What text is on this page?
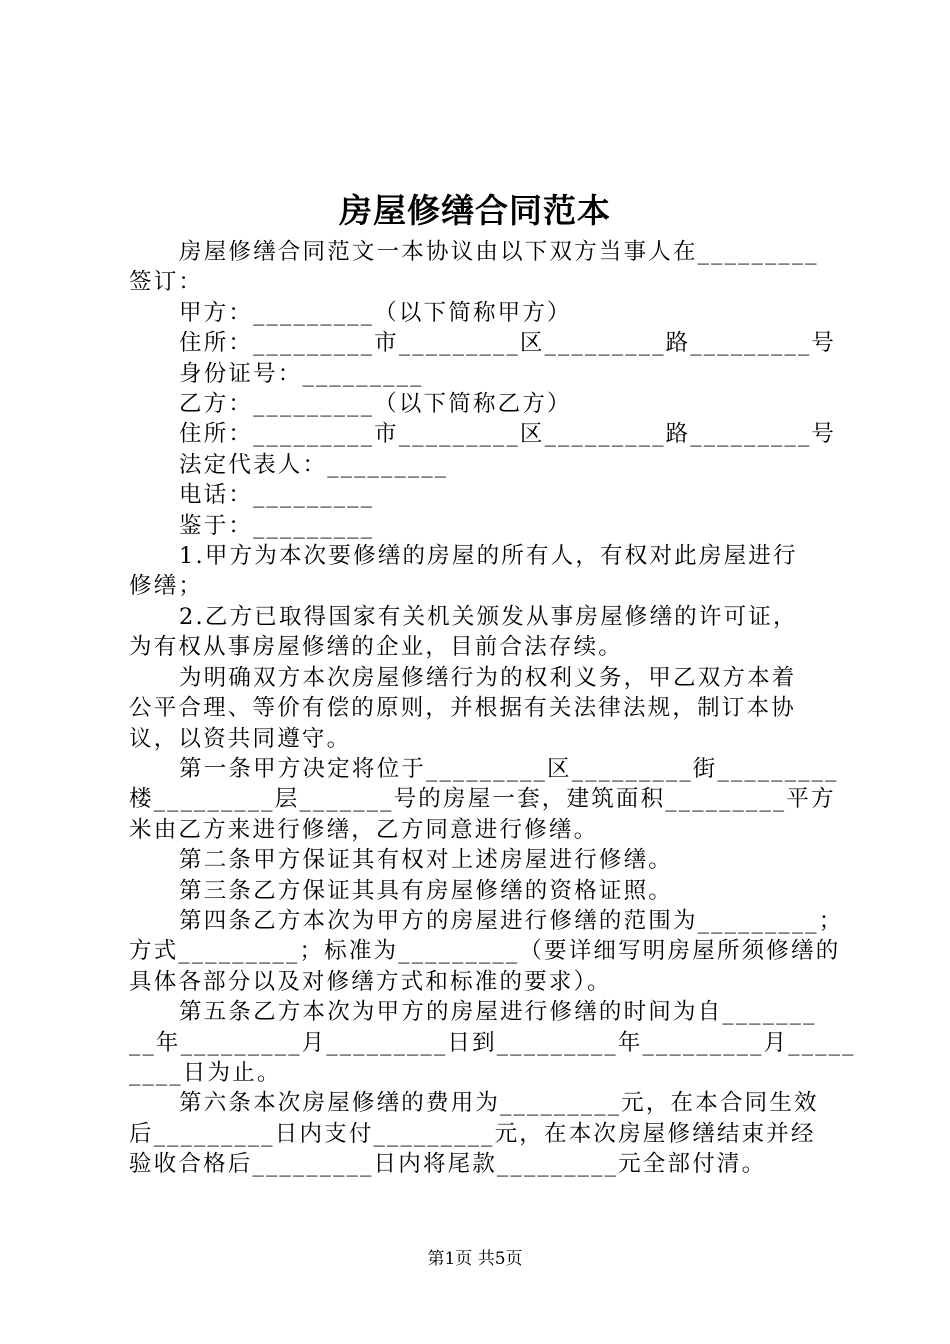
房屋修缮合同范本

房屋修缮合同范文一本协议由以下双方当事人在_________

签订：

甲方：_________（以下简称甲方）

住所：_________市_________区_________路_________号

身份证号：_________

乙方：_________（以下简称乙方）

住所：_________市_________区_________路_________号

法定代表人：_________

电话：_________

鉴于：_________

1.甲方为本次要修缮的房屋的所有人，有权对此房屋进行

修缮；

2.乙方已取得国家有关机关颁发从事房屋修缮的许可证，

为有权从事房屋修缮的企业，目前合法存续。

为明确双方本次房屋修缮行为的权利义务，甲乙双方本着

公平合理、等价有偿的原则，并根据有关法律法规，制订本协

议，以资共同遵守。

第一条甲方决定将位于_________区_________街_________

楼_________层_______号的房屋一套，建筑面积_________平方

米由乙方来进行修缮，乙方同意进行修缮。

第二条甲方保证其有权对上述房屋进行修缮。

第三条乙方保证其具有房屋修缮的资格证照。

第四条乙方本次为甲方的房屋进行修缮的范围为_________；

方式_________；标准为_________（要详细写明房屋所须修缮的

具体各部分以及对修缮方式和标准的要求）。

第五条乙方本次为甲方的房屋进行修缮的时间为自_______

__年_________月_________日到_________年_________月_____

____日为止。

第六条本次房屋修缮的费用为_________元，在本合同生效

后_________日内支付_________元，在本次房屋修缮结束并经

验收合格后_________日内将尾款_________元全部付清。

第1页 共5页
